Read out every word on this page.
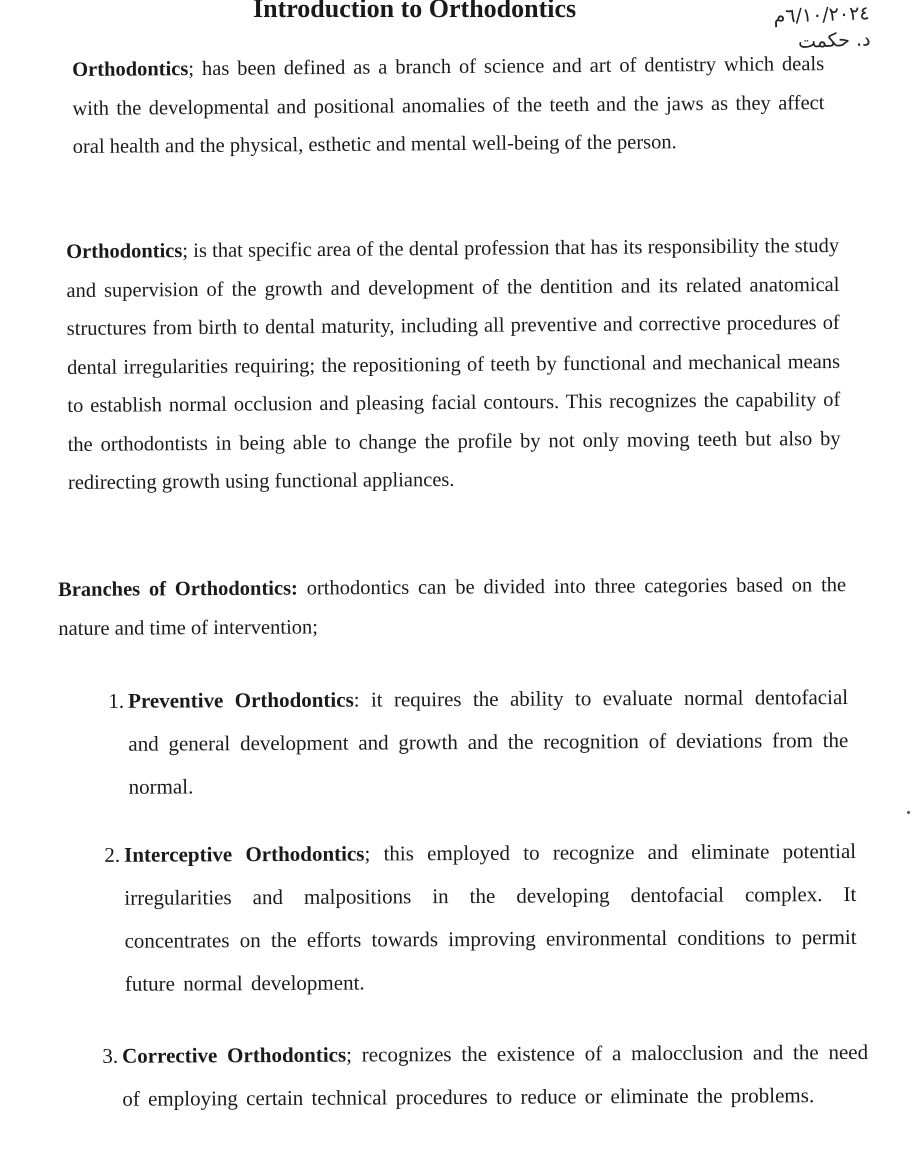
Introduction to Orthodontics	٦/١٠/٢٠٢٤م
د. حكمت

Orthodontics; has been defined as a branch of science and art of dentistry which deals with the developmental and positional anomalies of the teeth and the jaws as they affect oral health and the physical, esthetic and mental well-being of the person.

Orthodontics; is that specific area of the dental profession that has its responsibility the study and supervision of the growth and development of the dentition and its related anatomical structures from birth to dental maturity, including all preventive and corrective procedures of dental irregularities requiring; the repositioning of teeth by functional and mechanical means to establish normal occlusion and pleasing facial contours. This recognizes the capability of the orthodontists in being able to change the profile by not only moving teeth but also by redirecting growth using functional appliances.

Branches of Orthodontics: orthodontics can be divided into three categories based on the nature and time of intervention;

1. Preventive Orthodontics: it requires the ability to evaluate normal dentofacial and general development and growth and the recognition of deviations from the normal.
2. Interceptive Orthodontics; this employed to recognize and eliminate potential irregularities and malpositions in the developing dentofacial complex. It concentrates on the efforts towards improving environmental conditions to permit future normal development.
3. Corrective Orthodontics; recognizes the existence of a malocclusion and the need of employing certain technical procedures to reduce or eliminate the problems.
